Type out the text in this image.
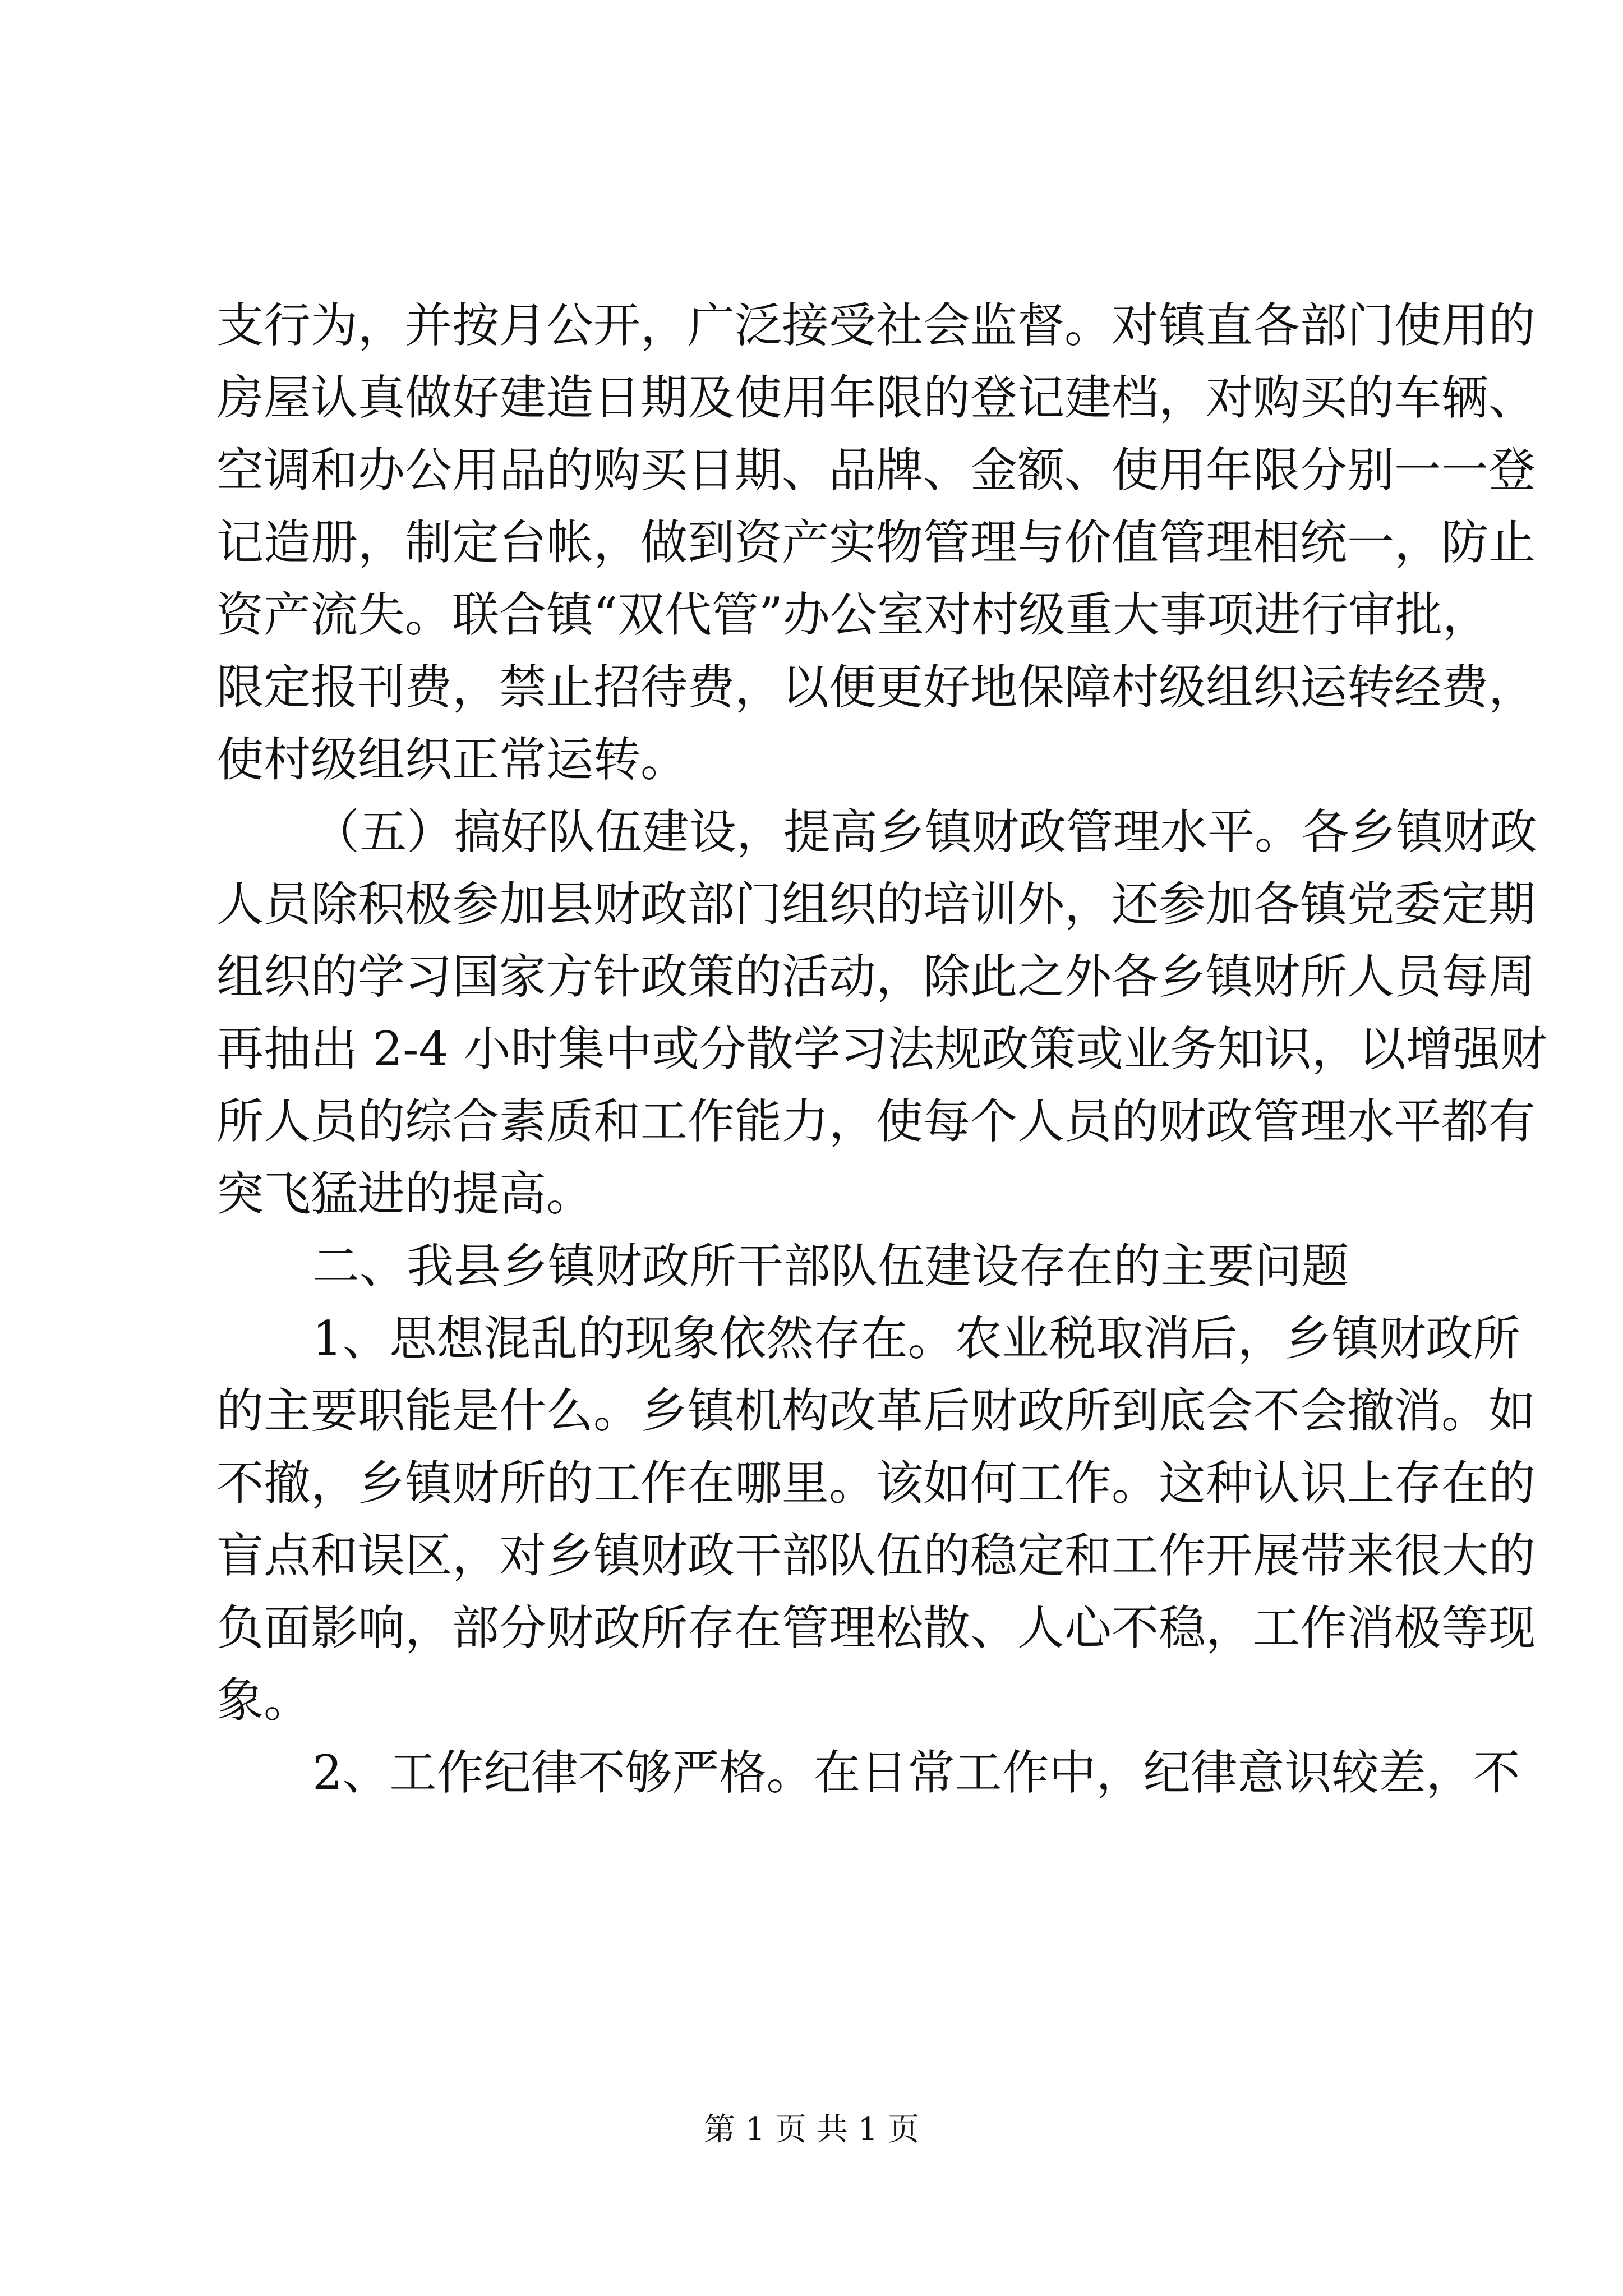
支行为，并按月公开，广泛接受社会监督。对镇直各部门使用的
房屋认真做好建造日期及使用年限的登记建档，对购买的车辆、
空调和办公用品的购买日期、品牌、金额、使用年限分别一一登
记造册，制定台帐，做到资产实物管理与价值管理相统一，防止
资产流失。联合镇“双代管”办公室对村级重大事项进行审批，
限定报刊费，禁止招待费，以便更好地保障村级组织运转经费，
使村级组织正常运转。
（五）搞好队伍建设，提高乡镇财政管理水平。各乡镇财政
人员除积极参加县财政部门组织的培训外，还参加各镇党委定期
组织的学习国家方针政策的活动，除此之外各乡镇财所人员每周
再抽出 2-4 小时集中或分散学习法规政策或业务知识，以增强财
所人员的综合素质和工作能力，使每个人员的财政管理水平都有
突飞猛进的提高。
二、我县乡镇财政所干部队伍建设存在的主要问题
1、思想混乱的现象依然存在。农业税取消后，乡镇财政所
的主要职能是什么。乡镇机构改革后财政所到底会不会撤消。如
不撤，乡镇财所的工作在哪里。该如何工作。这种认识上存在的
盲点和误区，对乡镇财政干部队伍的稳定和工作开展带来很大的
负面影响，部分财政所存在管理松散、人心不稳，工作消极等现
象。
2、工作纪律不够严格。在日常工作中，纪律意识较差，不
第 1 页 共 1 页
